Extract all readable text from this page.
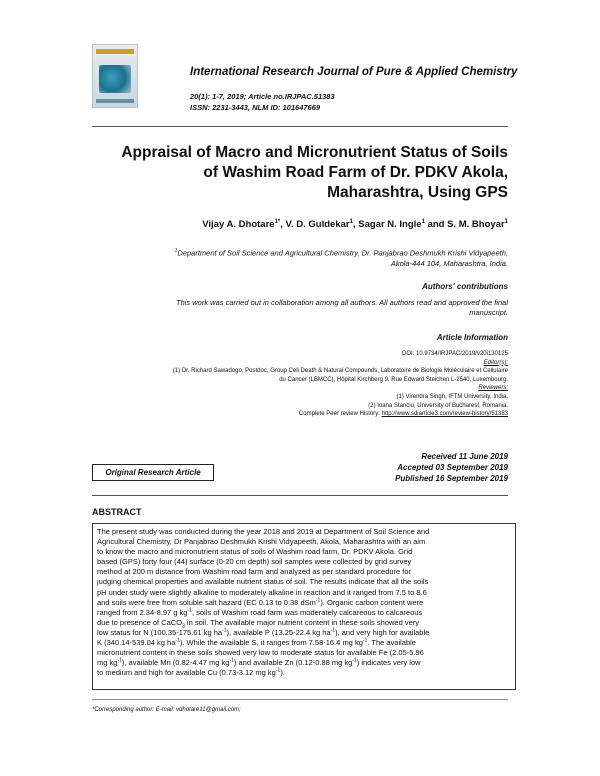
International Research Journal of Pure & Applied Chemistry
20(1): 1-7, 2019; Article no.IRJPAC.51383
ISSN: 2231-3443, NLM ID: 101647669
Appraisal of Macro and Micronutrient Status of Soils
of Washim Road Farm of Dr. PDKV Akola,
Maharashtra, Using GPS
Vijay A. Dhotare$^{1*}$, V. D. Guldekar$^1$, Sagar N. Ingle$^1$ and S. M. Bhoyar$^1$
$^1$Department of Soil Science and Agricultural Chemistry, Dr. Panjabrao Deshmukh Krishi Vidyapeeth,
Akola-444 104, Maharashtra, India.
Authors' contributions
This work was carried out in collaboration among all authors. All authors read and approved the final
manuscript.
Article Information
DOI: 10.9734/IRJPAC/2019/v20i130125
Editor(s):
(1) Dr. Richard Sawadogo, Postdoc, Group Cell Death & Natural Compounds, Laboratoire de Biologie Moléculaire et Cellulaire
du Cancer (LBMCC), Hôpital Kirchberg 9, Rue Edward Steichen L-2540, Luxembourg.
Reviewers:
(1) Virendra Singh, IFTM University, India.
(2) Ioana Stanciu, University of Bucharest, Romania.
Complete Peer review History: http://www.sdiarticle3.com/review-history/51383
Received 11 June 2019
Accepted 03 September 2019
Published 16 September 2019
Original Research Article
ABSTRACT
The present study was conducted during the year 2018 and 2019 at Department of Soil Science and
Agricultural Chemistry, Dr Panjabrao Deshmukh Krishi Vidyapeeth, Akola, Maharashtra with an aim
to know the macro and micronutrient status of soils of Washim road farm, Dr. PDKV Akola. Grid
based (GPS) forty four (44) surface (0-20 cm depth) soil samples were collected by grid survey
method at 200 m distance from Washim road farm and analyzed as per standard procedure for
judging chemical properties and available nutrient status of soil. The results indicate that all the soils
pH under study were slightly alkaline to moderately alkaline in reaction and it ranged from 7.5 to 8.6
and soils were free from soluble salt hazard (EC 0.13 to 0.38 dSm$^{-1}$). Organic carbon content were
ranged from 2.34-8.97 g $kg^{-1}$, soils of Washim road farm was moderately calcareous to calcareous
due to presence of CaCO$_3$ in soil. The available major nutrient content in these soils showed very
low status for N (100.35-175.61 kg $ha^{-1}$), available P (13.25-22.4 kg $ha^{-1}$), and very high for available
K (340.14-539.04 kg $ha^{-1}$). While the available S, it ranges from 7.58-16.4 mg $kg^{-1}$. The available
micronutrient content in these soils showed very low to moderate status for available Fe (2.05-5.96
mg $kg^{-1}$), available Mn (0.82-4.47 mg $kg^{-1}$) and available Zn (0.12-0.88 mg $kg^{-1}$) indicates very low
to medium and high for available Cu (0.73-3.12 mg $kg^{-1}$).
*Corresponding author: E-mail: vdhotare11@gmail.com;
